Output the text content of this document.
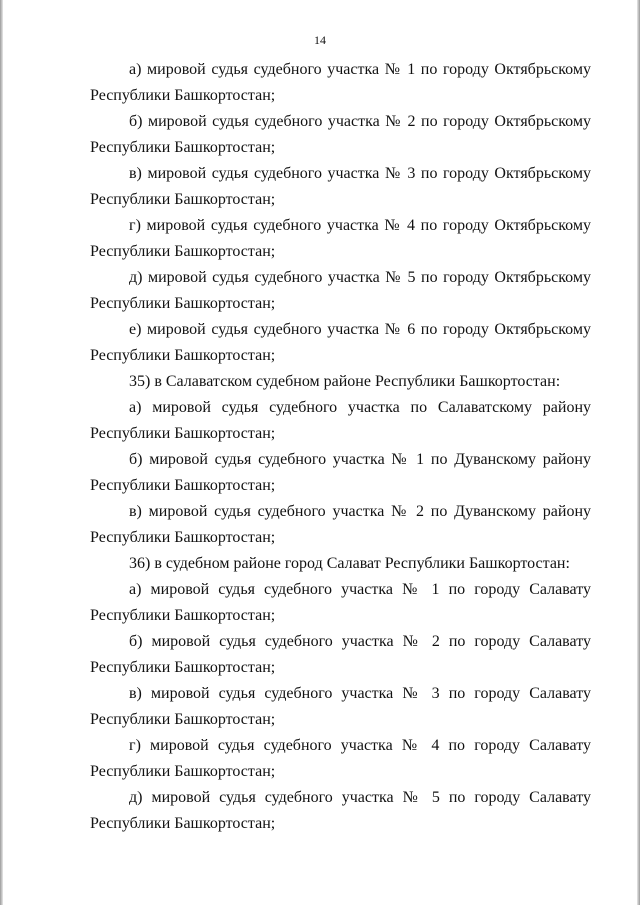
14

а) мировой судья судебного участка № 1 по городу Октябрьскому Республики Башкортостан;

б) мировой судья судебного участка № 2 по городу Октябрьскому Республики Башкортостан;

в) мировой судья судебного участка № 3 по городу Октябрьскому Республики Башкортостан;

г) мировой судья судебного участка № 4 по городу Октябрьскому Республики Башкортостан;

д) мировой судья судебного участка № 5 по городу Октябрьскому Республики Башкортостан;

е) мировой судья судебного участка № 6 по городу Октябрьскому Республики Башкортостан;

35) в Салаватском судебном районе Республики Башкортостан:

а) мировой судья судебного участка по Салаватскому району Республики Башкортостан;

б) мировой судья судебного участка № 1 по Дуванскому району Республики Башкортостан;

в) мировой судья судебного участка № 2 по Дуванскому району Республики Башкортостан;

36) в судебном районе город Салават Республики Башкортостан:

а) мировой судья судебного участка № 1 по городу Салавату Республики Башкортостан;

б) мировой судья судебного участка № 2 по городу Салавату Республики Башкортостан;

в) мировой судья судебного участка № 3 по городу Салавату Республики Башкортостан;

г) мировой судья судебного участка № 4 по городу Салавату Республики Башкортостан;

д) мировой судья судебного участка № 5 по городу Салавату Республики Башкортостан;
